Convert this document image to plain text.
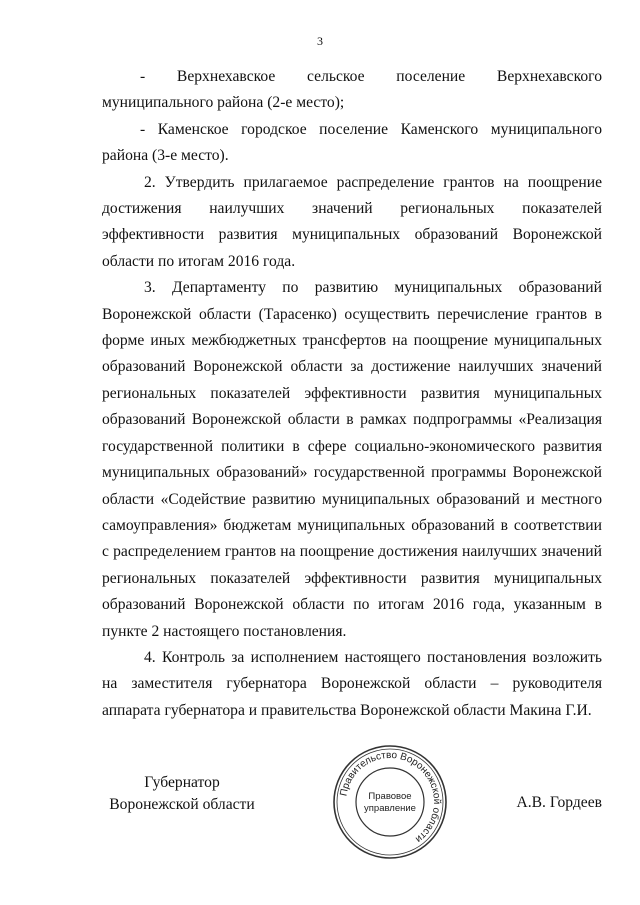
3

- Верхнехавское сельское поселение Верхнехавского муниципального района (2-е место);

- Каменское городское поселение Каменского муниципального района (3-е место).

2. Утвердить прилагаемое распределение грантов на поощрение достижения наилучших значений региональных показателей эффективности развития муниципальных образований Воронежской области по итогам 2016 года.

3. Департаменту по развитию муниципальных образований Воронежской области (Тарасенко) осуществить перечисление грантов в форме иных межбюджетных трансфертов на поощрение муниципальных образований Воронежской области за достижение наилучших значений региональных показателей эффективности развития муниципальных образований Воронежской области в рамках подпрограммы «Реализация государственной политики в сфере социально-экономического развития муниципальных образований» государственной программы Воронежской области «Содействие развитию муниципальных образований и местного самоуправления» бюджетам муниципальных образований в соответствии с распределением грантов на поощрение достижения наилучших значений региональных показателей эффективности развития муниципальных образований Воронежской области по итогам 2016 года, указанным в пункте 2 настоящего постановления.

4. Контроль за исполнением настоящего постановления возложить на заместителя губернатора Воронежской области – руководителя аппарата губернатора и правительства Воронежской области Макина Г.И.

Губернатор
Воронежской области
Правительство Воронежской области
Правовое
управление	А.В. Гордеев
